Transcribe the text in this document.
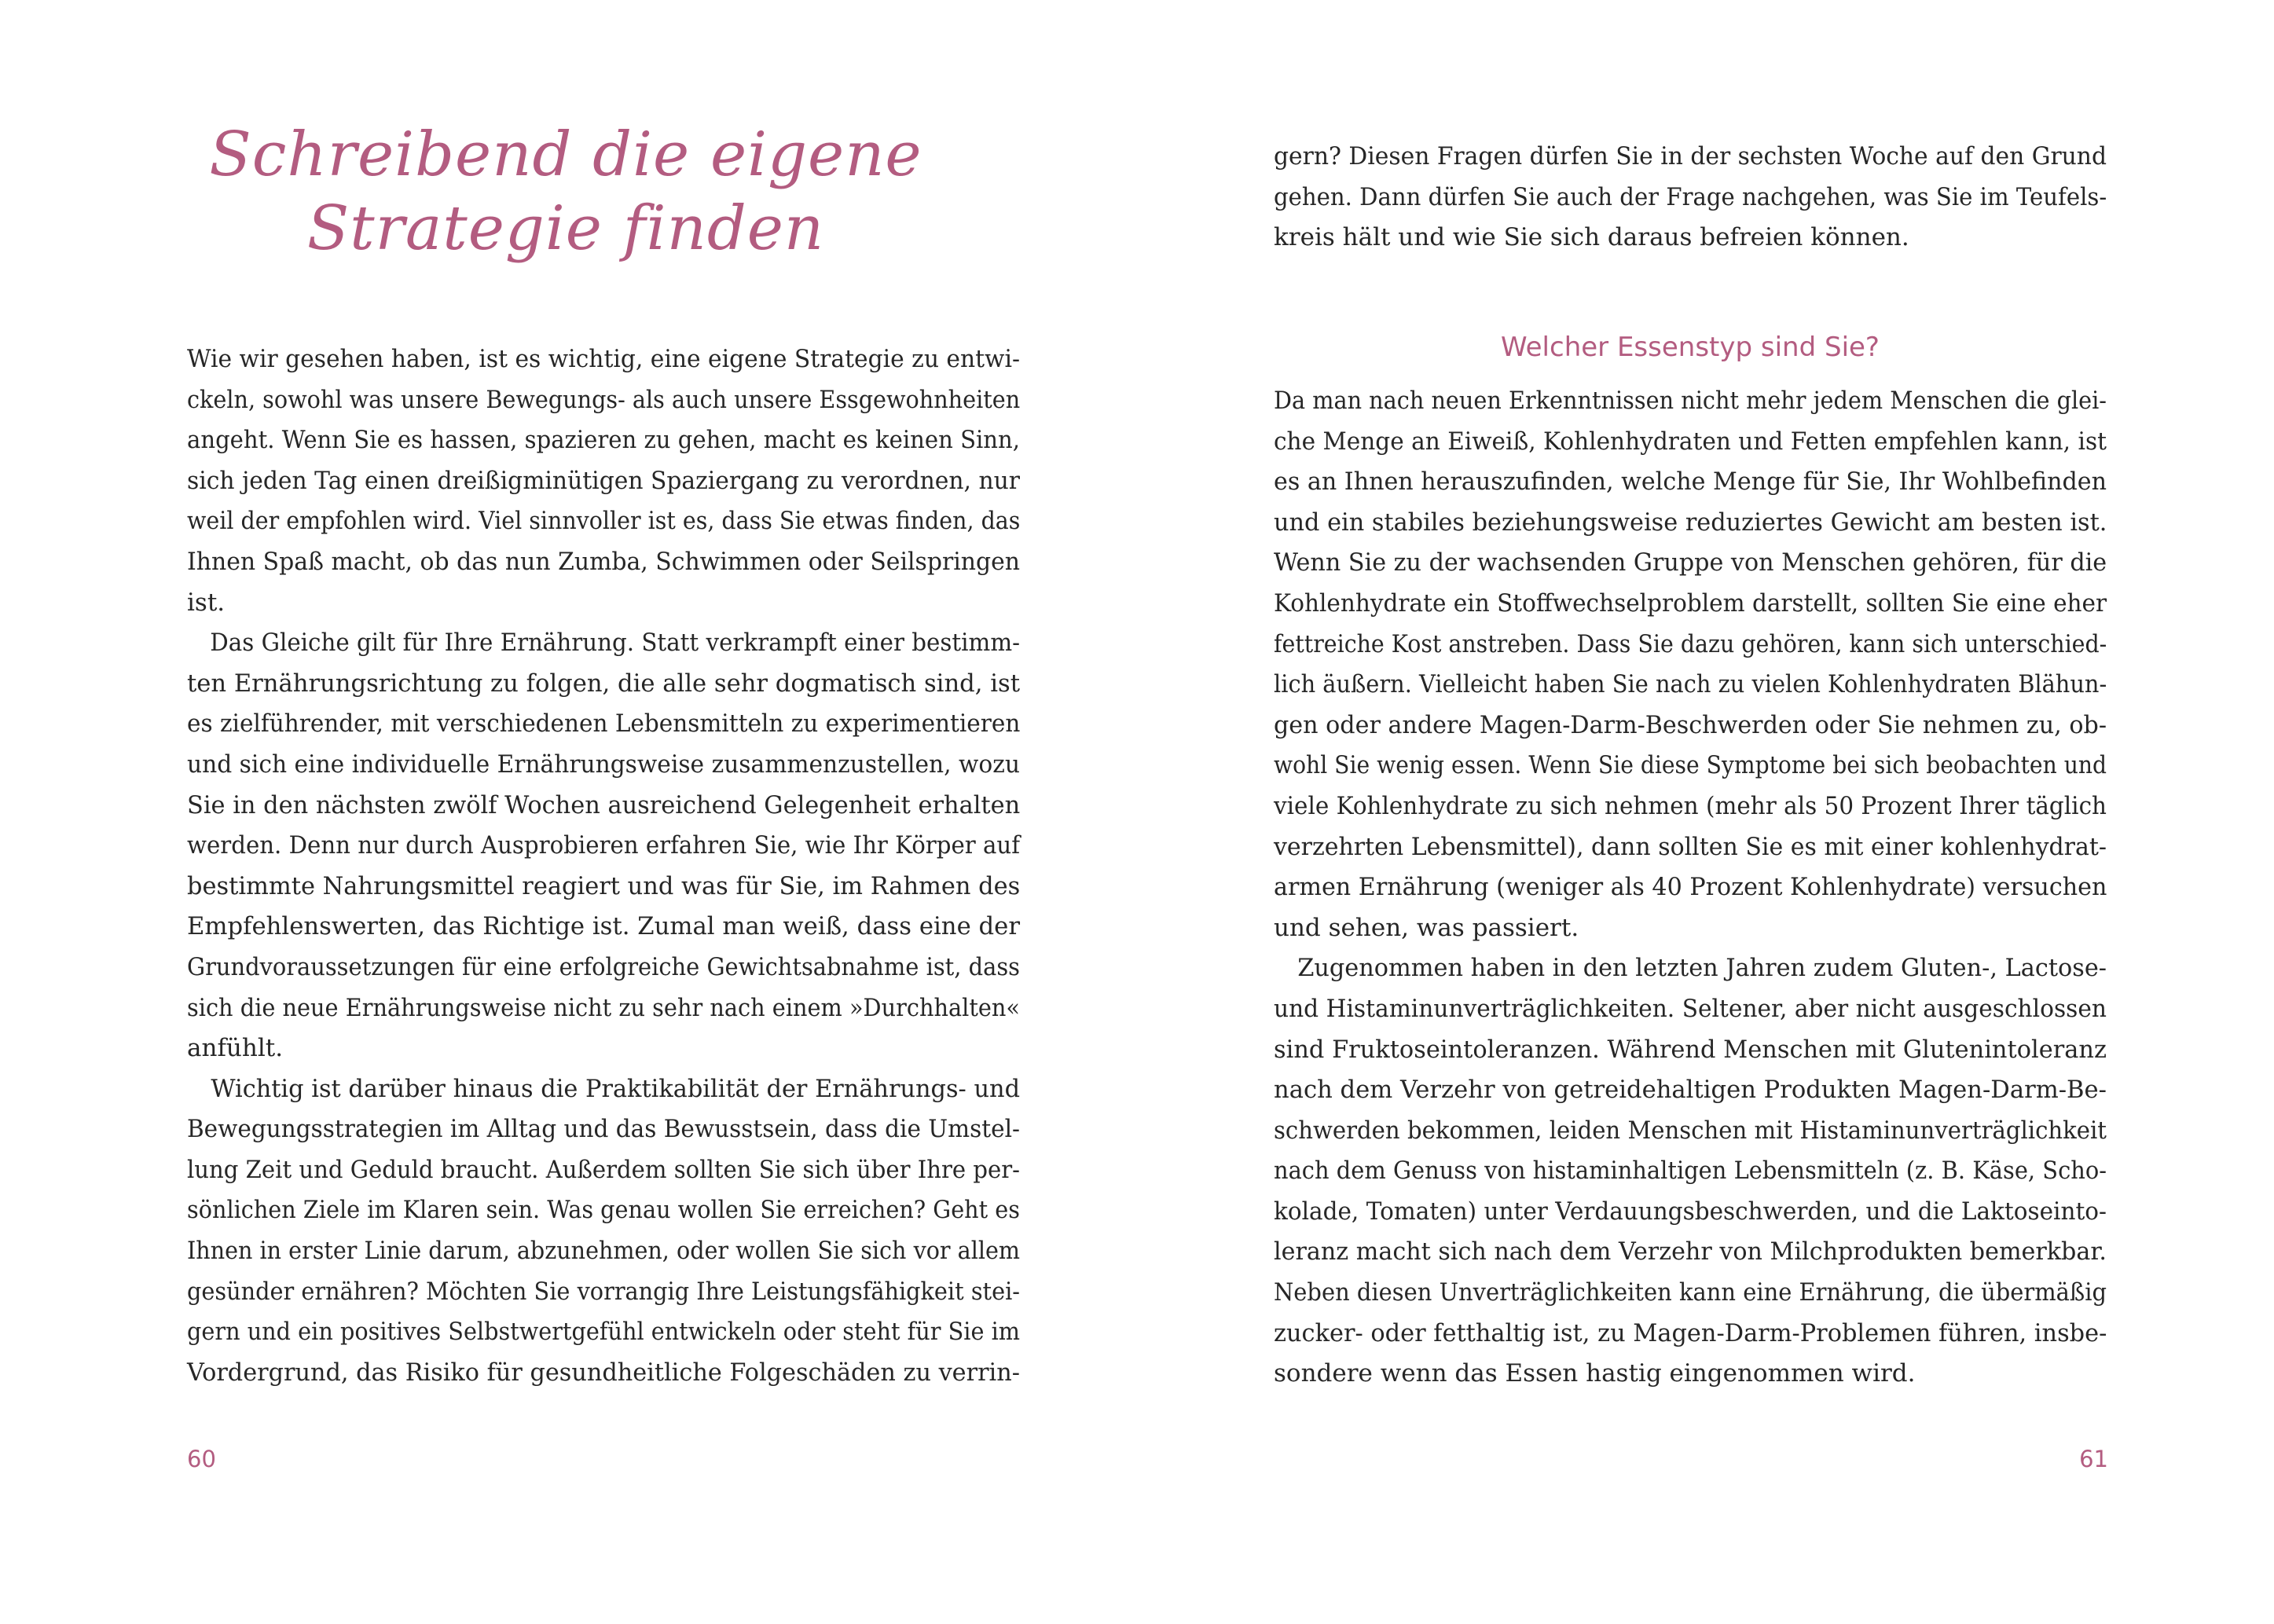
Schreibend die eigene
Strategie finden
Wie wir gesehen haben, ist es wichtig, eine eigene Strategie zu entwi-
ckeln, sowohl was unsere Bewegungs- als auch unsere Essgewohnheiten
angeht. Wenn Sie es hassen, spazieren zu gehen, macht es keinen Sinn,
sich jeden Tag einen dreißigminütigen Spaziergang zu verordnen, nur
weil der empfohlen wird. Viel sinnvoller ist es, dass Sie etwas finden, das
Ihnen Spaß macht, ob das nun Zumba, Schwimmen oder Seilspringen
ist.
 Das Gleiche gilt für Ihre Ernährung. Statt verkrampft einer bestimm-
ten Ernährungsrichtung zu folgen, die alle sehr dogmatisch sind, ist
es zielführender, mit verschiedenen Lebensmitteln zu experimentieren
und sich eine individuelle Ernährungsweise zusammenzustellen, wozu
Sie in den nächsten zwölf Wochen ausreichend Gelegenheit erhalten
werden. Denn nur durch Ausprobieren erfahren Sie, wie Ihr Körper auf
bestimmte Nahrungsmittel reagiert und was für Sie, im Rahmen des
Empfehlenswerten, das Richtige ist. Zumal man weiß, dass eine der
Grundvoraussetzungen für eine erfolgreiche Gewichtsabnahme ist, dass
sich die neue Ernährungsweise nicht zu sehr nach einem »Durchhalten«
anfühlt.
 Wichtig ist darüber hinaus die Praktikabilität der Ernährungs- und
Bewegungsstrategien im Alltag und das Bewusstsein, dass die Umstel-
lung Zeit und Geduld braucht. Außerdem sollten Sie sich über Ihre per-
sönlichen Ziele im Klaren sein. Was genau wollen Sie erreichen? Geht es
Ihnen in erster Linie darum, abzunehmen, oder wollen Sie sich vor allem
gesünder ernähren? Möchten Sie vorrangig Ihre Leistungsfähigkeit stei-
gern und ein positives Selbstwertgefühl entwickeln oder steht für Sie im
Vordergrund, das Risiko für gesundheitliche Folgeschäden zu verrin-
60
gern? Diesen Fragen dürfen Sie in der sechsten Woche auf den Grund
gehen. Dann dürfen Sie auch der Frage nachgehen, was Sie im Teufels-
kreis hält und wie Sie sich daraus befreien können.
Welcher Essenstyp sind Sie?
Da man nach neuen Erkenntnissen nicht mehr jedem Menschen die glei-
che Menge an Eiweiß, Kohlenhydraten und Fetten empfehlen kann, ist
es an Ihnen herauszufinden, welche Menge für Sie, Ihr Wohlbefinden
und ein stabiles beziehungsweise reduziertes Gewicht am besten ist.
Wenn Sie zu der wachsenden Gruppe von Menschen gehören, für die
Kohlenhydrate ein Stoffwechselproblem darstellt, sollten Sie eine eher
fettreiche Kost anstreben. Dass Sie dazu gehören, kann sich unterschied-
lich äußern. Vielleicht haben Sie nach zu vielen Kohlenhydraten Blähun-
gen oder andere Magen-Darm-Beschwerden oder Sie nehmen zu, ob-
wohl Sie wenig essen. Wenn Sie diese Symptome bei sich beobachten und
viele Kohlenhydrate zu sich nehmen (mehr als 50 Prozent Ihrer täglich
verzehrten Lebensmittel), dann sollten Sie es mit einer kohlenhydrat-
armen Ernährung (weniger als 40 Prozent Kohlenhydrate) versuchen
und sehen, was passiert.
 Zugenommen haben in den letzten Jahren zudem Gluten-, Lactose-
und Histaminunverträglichkeiten. Seltener, aber nicht ausgeschlossen
sind Fruktoseintoleranzen. Während Menschen mit Glutenintoleranz
nach dem Verzehr von getreidehaltigen Produkten Magen-Darm-Be-
schwerden bekommen, leiden Menschen mit Histaminunverträglichkeit
nach dem Genuss von histaminhaltigen Lebensmitteln (z. B. Käse, Scho-
kolade, Tomaten) unter Verdauungsbeschwerden, und die Laktoseinto-
leranz macht sich nach dem Verzehr von Milchprodukten bemerkbar.
Neben diesen Unverträglichkeiten kann eine Ernährung, die übermäßig
zucker- oder fetthaltig ist, zu Magen-Darm-Problemen führen, insbe-
sondere wenn das Essen hastig eingenommen wird.
61
